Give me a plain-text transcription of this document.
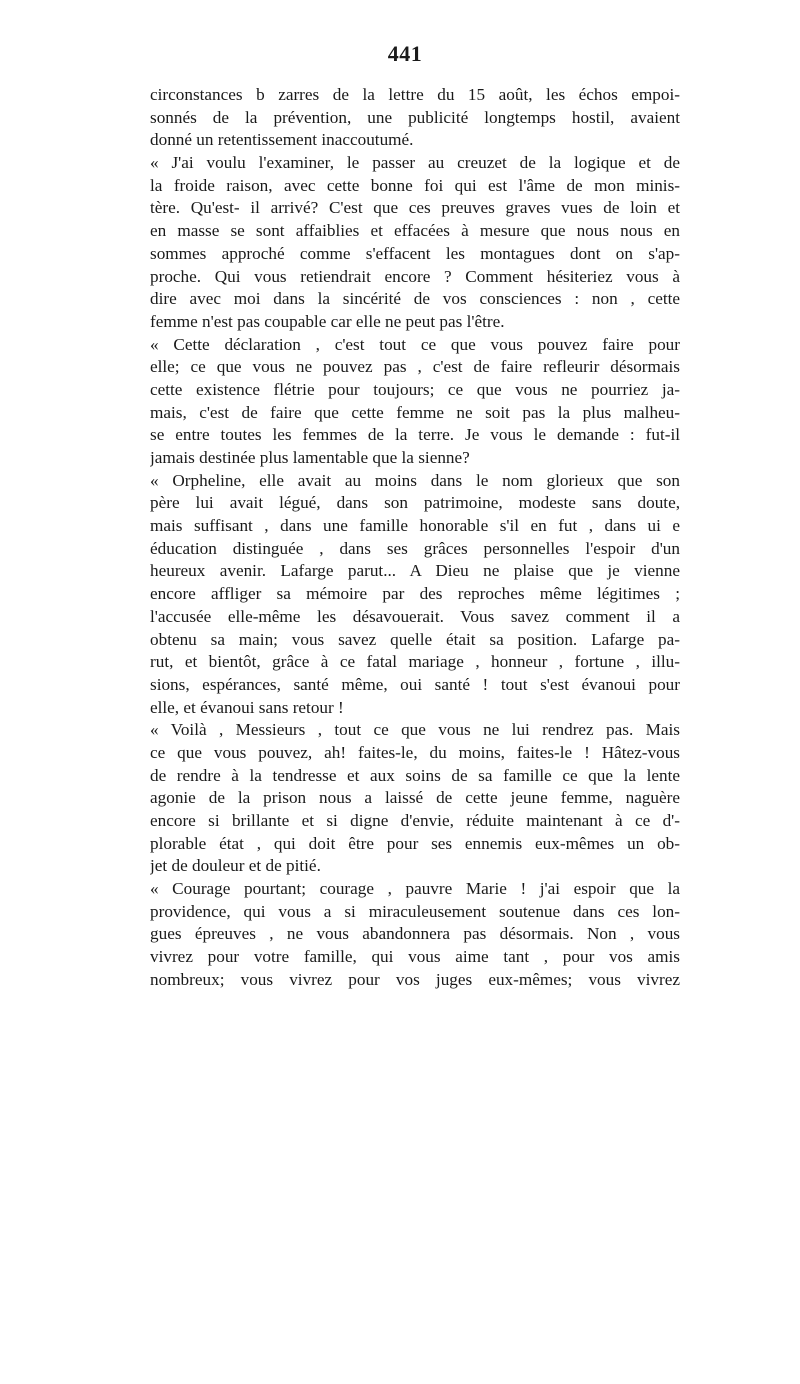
441
circonstances b zarres de la lettre du 15 août, les échos empoi-
sonnés de la prévention, une publicité longtemps hostil, avaient
donné un retentissement inaccoutumé.
« J'ai voulu l'examiner, le passer au creuzet de la logique et de
la froide raison, avec cette bonne foi qui est l'âme de mon minis-
tère. Qu'est- il arrivé? C'est que ces preuves graves vues de loin et
en masse se sont affaiblies et effacées à mesure que nous nous en
sommes approché comme s'effacent les montagues dont on s'ap-
proche. Qui vous retiendrait encore ? Comment hésiteriez vous à
dire avec moi dans la sincérité de vos consciences : non , cette
femme n'est pas coupable car elle ne peut pas l'être.
« Cette déclaration , c'est tout ce que vous pouvez faire pour
elle; ce que vous ne pouvez pas , c'est de faire refleurir désormais
cette existence flétrie pour toujours; ce que vous ne pourriez ja-
mais, c'est de faire que cette femme ne soit pas la plus malheu-
se entre toutes les femmes de la terre. Je vous le demande : fut-il
jamais destinée plus lamentable que la sienne?
« Orpheline, elle avait au moins dans le nom glorieux que son
père lui avait légué, dans son patrimoine, modeste sans doute,
mais suffisant , dans une famille honorable s'il en fut , dans ui e
éducation distinguée , dans ses grâces personnelles l'espoir d'un
heureux avenir. Lafarge parut... A Dieu ne plaise que je vienne
encore affliger sa mémoire par des reproches même légitimes ;
l'accusée elle-même les désavouerait. Vous savez comment il a
obtenu sa main; vous savez quelle était sa position. Lafarge pa-
rut, et bientôt, grâce à ce fatal mariage , honneur , fortune , illu-
sions, espérances, santé même, oui santé ! tout s'est évanoui pour
elle, et évanoui sans retour !
« Voilà , Messieurs , tout ce que vous ne lui rendrez pas. Mais
ce que vous pouvez, ah! faites-le, du moins, faites-le ! Hâtez-vous
de rendre à la tendresse et aux soins de sa famille ce que la lente
agonie de la prison nous a laissé de cette jeune femme, naguère
encore si brillante et si digne d'envie, réduite maintenant à ce d'-
plorable état , qui doit être pour ses ennemis eux-mêmes un ob-
jet de douleur et de pitié.
« Courage pourtant; courage , pauvre Marie ! j'ai espoir que la
providence, qui vous a si miraculeusement soutenue dans ces lon-
gues épreuves , ne vous abandonnera pas désormais. Non , vous
vivrez pour votre famille, qui vous aime tant , pour vos amis
nombreux; vous vivrez pour vos juges eux-mêmes; vous vivrez
